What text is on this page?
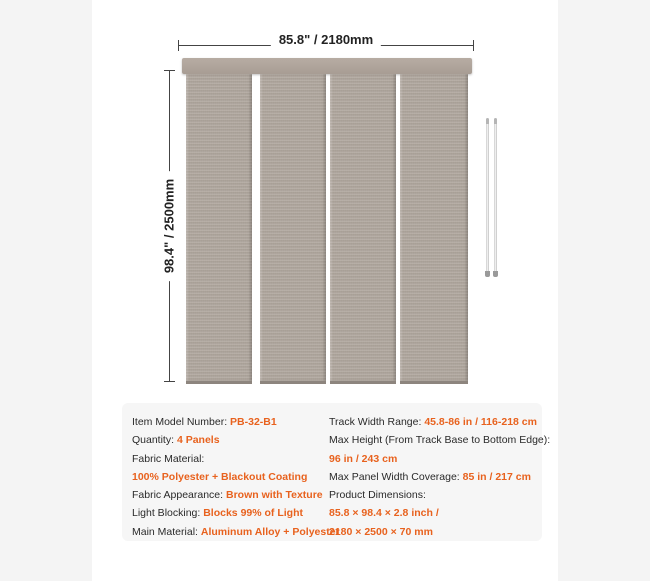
85.8" / 2180mm
98.4" / 2500mm
Item Model Number: PB-32-B1
Quantity: 4 Panels
Fabric Material:
100% Polyester + Blackout Coating
Fabric Appearance: Brown with Texture
Light Blocking: Blocks 99% of Light
Main Material: Aluminum Alloy + Polyester
Track Width Range: 45.8-86 in / 116-218 cm
Max Height (From Track Base to Bottom Edge):
96 in / 243 cm
Max Panel Width Coverage: 85 in / 217 cm
Product Dimensions:
85.8 × 98.4 × 2.8 inch /
2180 × 2500 × 70 mm
